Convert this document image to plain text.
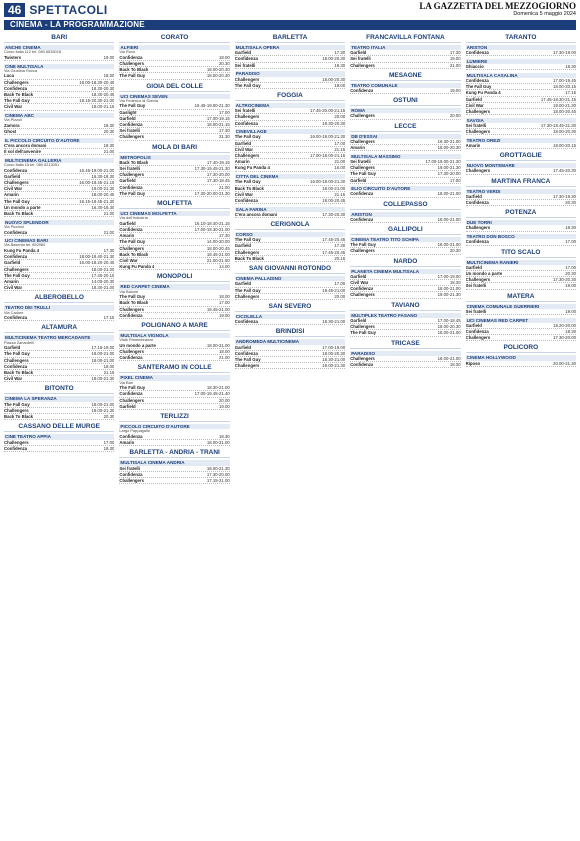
46 SPETTACOLI	LA GAZZETTA DEL MEZZOGIORNO
Domenica 5 maggio 2024
CINEMA - LA PROGRAMMAZIONE
BARI
ANCHE CINEMA
Corso Italia 112 tel. 080.5533018
Twisters	19.00
CINE MULTISALA
Via Giustina Rocca
Luca	18.00
Challengers	18.00-18.30-20.45
Confidenza	18.30-20.30
Back To Black	18.30-20.45
The Fall Guy	18.15-20.30-21.00
Civil War	19.00-21.15
CINEMA ABC
Via Pizzoli
Zamora	18.30
Ghost	20.30
IL PICCOLO CIRCUITO D'AUTORE
C'era ancora domani	18.30
Il sol dell'avvenire	21.00
MULTICINEMA GALLERIA
Corso Italia 15 tel. 080.5213051
Confidenza	16.45-19.00-21.00
Garfield	16.30-18.30
Challengers	16.00-18.45-21.15
Civil War	19.00-21.30
Amarin	18.00-20.45
The Fall Guy	16.15-18.45-21.30
Un mondo a parte	16.30-18.30
Back To Black	21.00
NUOVO SPLENDOR
Via Piccinni
Confidenza	21.00
UCI CINEMAS BARI
Via Basento tel. 892960
Kung Fu Panda 4	17.30
Confidenza	18.00-18.40-21.30
Garfield	16.00-18.20-20.45
Challengers	18.00-21.00
The Fall Guy	17.45-20.15
Amarin	14.00-20.30
Civil War	18.30-21.00
ALBEROBELLO
TEATRO DEI TRULLI
Via Cadore
Confidenza	17.15
ALTAMURA
MULTICINEMA TEATRO MERCADANTE
Piazza Zanardelli
Garfield	17.15-19.00
The Fall Guy	18.00-21.00
Challengers	18.00-21.00
Confidenza	18.00
Back To Black	21.15
Civil War	18.00-21.30
BITONTO
CINEMA LA SPERANZA
The Fall Guy	18.00-21.00
Challengers	19.00-21.30
Back To Black	20.30
CASSANO DELLE MURGE
CINE TEATRO APPIA
Challengers	17.00
Confidenza	18.30
CORATO
ALFIERI
Via Ruvo
Confidenza	18.00
Challengers	20.30
Back To Black	18.00-20.30
The Fall Guy	18.00-20.30
GIOIA DEL COLLE
UCI CINEMAS SEVEN
Via Federico di Svevia
The Fall Guy	16.45-19.00-21.30
Gaslight	17.00
Garfield	17.00-19.15
Confidenza	18.00-21.15
Sei fratelli	17.30
Challengers	21.30
MOLA DI BARI
METROPOLIS
Back To Black	17.40-19.15
Sei fratelli	17.30-19.45-21.30
Challengers	17.30-20.00
Garfield	17.30-18.45
Confidenza	21.00
The Fall Guy	17.30-20.00-21.30
MOLFETTA
UCI CINEMAS MOLFETTA
Via dell'Industria
Garfield	16.10-18.40-21.15
Confidenza	17.00-19.30-21.00
Amarin	17.30
The Fall Guy	14.00-20.00
Challengers	18.00-20.45
Back To Black	18.45-21.00
Civil War	21.00-21.50
Kung Fu Panda 4	14.00
MONOPOLI
RED CARPET CINEMA
Via Baione
The Fall Guy	18.00
Back To Black	17.00
Challengers	18.45-21.00
Confidenza	19.00
POLIGNANO A MARE
MULTISALA VIGNOLA
Viale Rimembranze
Un mondo a parte	18.00-21.00
Challengers	18.00
Confidenza	21.00
SANTERAMO IN COLLE
PIXEL CINEMA
Via Bari
The Fall Guy	18.30-21.00
Confidenza	17.00-19.45-21.40
Challengers	20.00
Garfield	19.00
TERLIZZI
PICCOLO CIRCUITO D'AUTORE
Largo Pappagallo
Confidenza	18.30
Amarin	18.00-21.00
BARLETTA - ANDRIA - TRANI
MULTISALA CINEMA ANDRIA
Sei fratelli	18.00-21.30
Confidenza	17.30-20.00
Challengers	17.15-21.00
BARLETTA
MULTISALA OPERA
Garfield	17.30
Confidenza	18.00-20.30
Sei fratelli	19.30
PARADISO
Challengers	18.00-20.30
The Fall Guy	19.00
FOGGIA
ALTROCINEMA
Sei fratelli	17.45-20.00-21.15
Challengers	20.00
Confidenza	18.30-20.30
CINEVILLAGE
The Fall Guy	16.00-19.00-21.30
Garfield	17.00
Civil War	21.15
Challengers	17.00-18.00-21.15
Amarin	21.00
Kung Fu Panda 4	16.00
CITTA DEL CINEMA
The Fall Guy	16.00-19.00-21.30
Back To Black	18.00-21.00
Civil War	21.15
Confidenza	18.00-20.45
SALA FARINA
C'era ancora domani	17.30-20.30
CERIGNOLA
CORSO
The Fall Guy	17.45-20.45
Garfield	17.30
Challengers	17.45-20.45
Back To Black	20.15
SAN GIOVANNI ROTONDO
CINEMA PALLADINO
Garfield	17.00
The Fall Guy	19.45-21.00
Challengers	20.00
SAN SEVERO
CICOLELLA
Confidenza	18.30-21.00
BRINDISI
ANDROMEDA MULTICINEMA
Garfield	17.00-19.00
Confidenza	18.00-20.30
The Fall Guy	18.30-21.00
Challengers	19.00-21.30
FRANCAVILLA FONTANA
TEATRO ITALIA
Garfield	17.30
Sei fratelli	19.00
Challengers	21.00
MESAGNE
TEATRO COMUNALE
Confidenza	19.00
OSTUNI
ROMA
Challengers	20.00
LECCE
DB D'ESSAI
Challengers	18.30-21.00
Amarin	18.00-20.30
MULTISALA MASSIMO
Sei fratelli	17.00-19.00-21.30
Challengers	19.00-21.30
The Fall Guy	17.30-20.00
Garfield	17.00
ELIO CIRCUITO D'AUTORE
Confidenza	18.00-21.00
COLLEPASSO
ARISTON
Confidenza	18.00-21.00
GALLIPOLI
CINEMA TEATRO TITO SCHIPA
The Fall Guy	18.00-21.00
Challengers	20.30
NARDO
PLANETA CINEMA MULTISALA
Garfield	17.00-19.00
Civil War	18.30
Confidenza	18.00-21.00
Challengers	19.00-21.30
TAVIANO
MULTIPLEX TEATRO FASANO
Garfield	17.00-18.45
Challengers	18.00-20.30
The Fall Guy	18.00-21.00
TRICASE
PARADISO
Challengers	18.00-21.00
Confidenza	18.30
TARANTO
ARISTON
Confidenza	17.30-19.00
LUMIERE
Ghiaccio	18.30
MULTISALA CASALINA
Confidenza	17.00-19.45
The Fall Guy	18.00-20.15
Kung Fu Panda 4	17.15
Garfield	17.45-18.30-21.15
Civil War	19.00-21.30
Challengers	18.00-20.45
SAVOIA
Sei fratelli	17.30-19.45-21.30
Challengers	18.00-20.30
TEATRO OREZI
Amarin	18.00-20.15
GROTTAGLIE
NUOVO MONTEMARE
Challengers	17.45-20.30
MARTINA FRANCA
TEATRO VERDI
Garfield	17.30-19.30
Confidenza	20.30
POTENZA
DUE TORRI
Challengers	19.30
TEATRO DON BOSCO
Confidenza	17.00
TITO SCALO
MULTICINEMA RANIERI
Garfield	17.00
Un mondo a parte	20.30
Challengers	17.30-20.30
Sei fratelli	19.00
MATERA
CINEMA COMUNALE GUERRIERI
Sei fratelli	19.00
UCI CINEMAS RED CARPET
Garfield	18.20-20.00
Confidenza	18.30
Challengers	17.30-20.00
POLICORO
CINEMA HOLLYWOOD
Riposo	20.00-21.30
